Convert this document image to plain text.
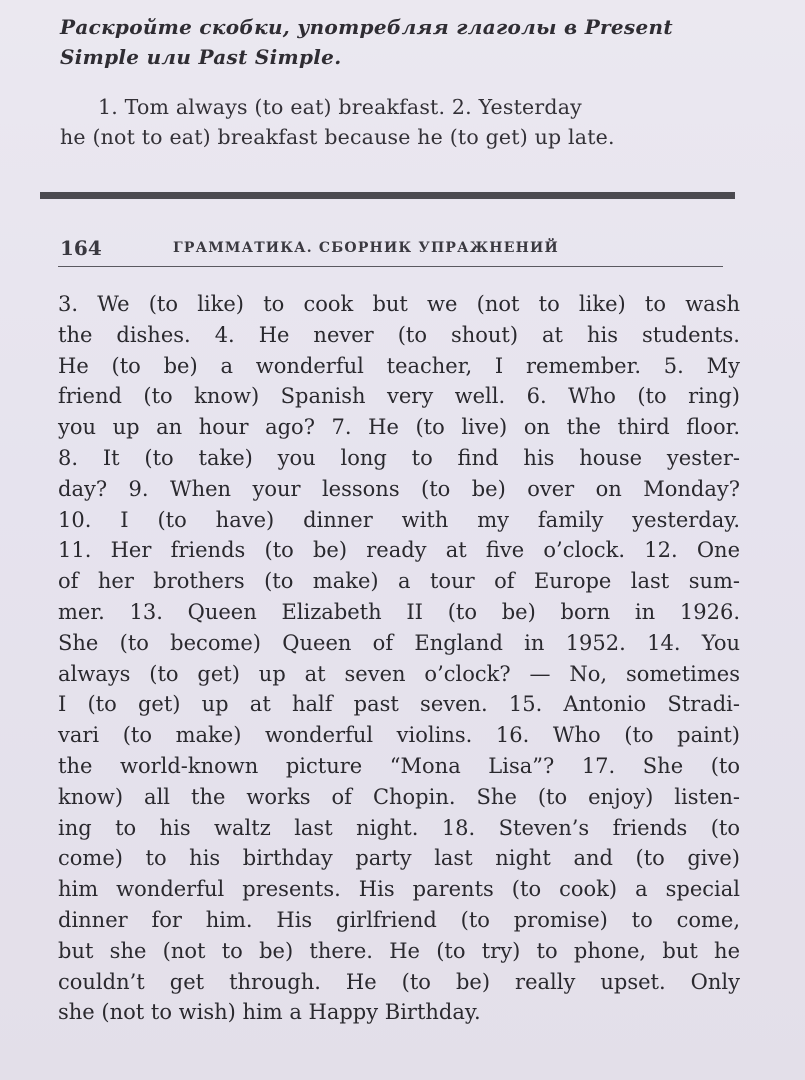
Раскройте скобки, употребляя глаголы в Present
Simple или Past Simple.

1. Tom always (to eat) breakfast. 2. Yesterday
he (not to eat) breakfast because he (to get) up late.

164	ГРАММАТИКА. СБОРНИК УПРАЖНЕНИЙ

3. We (to like) to cook but we (not to like) to wash
the dishes. 4. He never (to shout) at his students.
He (to be) a wonderful teacher, I remember. 5. My
friend (to know) Spanish very well. 6. Who (to ring)
you up an hour ago? 7. He (to live) on the third floor.
8. It (to take) you long to find his house yester-
day? 9. When your lessons (to be) over on Monday?
10. I (to have) dinner with my family yesterday.
11. Her friends (to be) ready at five o’clock. 12. One
of her brothers (to make) a tour of Europe last sum-
mer. 13. Queen Elizabeth II (to be) born in 1926.
She (to become) Queen of England in 1952. 14. You
always (to get) up at seven o’clock? — No, sometimes
I (to get) up at half past seven. 15. Antonio Stradi-
vari (to make) wonderful violins. 16. Who (to paint)
the world-known picture “Mona Lisa”? 17. She (to
know) all the works of Chopin. She (to enjoy) listen-
ing to his waltz last night. 18. Steven’s friends (to
come) to his birthday party last night and (to give)
him wonderful presents. His parents (to cook) a special
dinner for him. His girlfriend (to promise) to come,
but she (not to be) there. He (to try) to phone, but he
couldn’t get through. He (to be) really upset. Only
she (not to wish) him a Happy Birthday.
